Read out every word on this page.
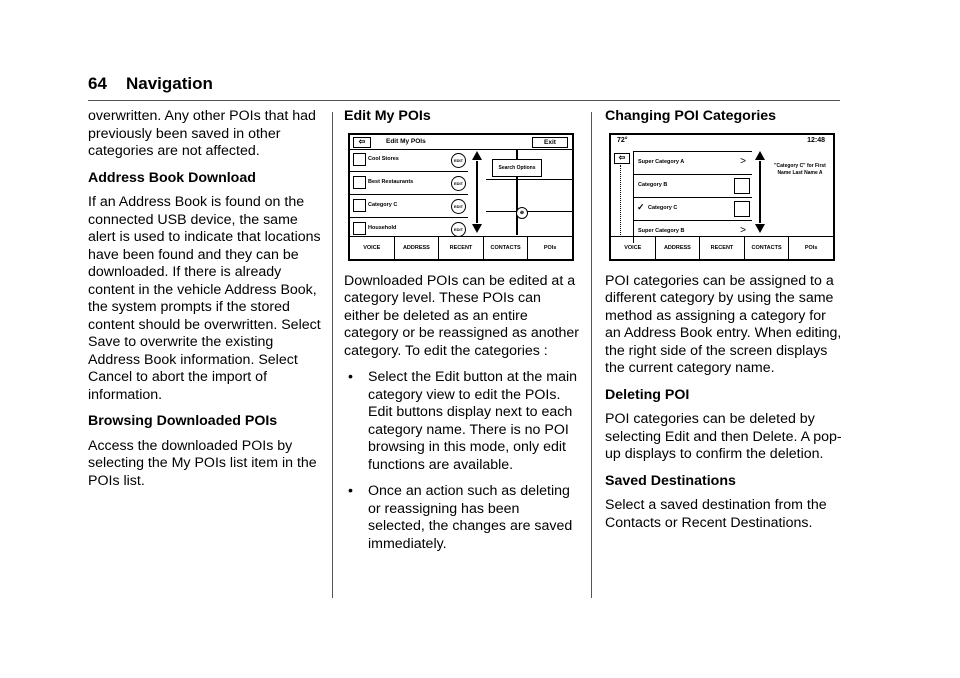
64 Navigation

overwritten. Any other POIs that had previously been saved in other categories are not affected.

Address Book Download

If an Address Book is found on the connected USB device, the same alert is used to indicate that locations have been found and they can be downloaded. If there is already content in the vehicle Address Book, the system prompts if the stored content should be overwritten. Select Save to overwrite the existing Address Book information. Select Cancel to abort the import of information.

Browsing Downloaded POIs

Access the downloaded POIs by selecting the My POIs list item in the POIs list.

Edit My POIs
⇦	Edit My POIs	Exit
Cool Stores	EDIT
Best Restaurants	EDIT
Category C	EDIT
Household	EDIT
Search Options
⊕
VOICE	ADDRESS	RECENT	CONTACTS	POIs

Downloaded POIs can be edited at a category level. These POIs can either be deleted as an entire category or be reassigned as another category. To edit the categories :

•	Select the Edit button at the main category view to edit the POIs. Edit buttons display next to each category name. There is no POI browsing in this mode, only edit functions are available.
•	Once an action such as deleting or reassigning has been selected, the changes are saved immediately.
Changing POI Categories
72°	12:48
⇦	Super Category A	>
Category B
Category C
✓
Super Category B	>
"Category C" for First Name Last Name A
VOICE	ADDRESS	RECENT	CONTACTS	POIs

POI categories can be assigned to a different category by using the same method as assigning a category for an Address Book entry. When editing, the right side of the screen displays the current category name.

Deleting POI

POI categories can be deleted by selecting Edit and then Delete. A pop-up displays to confirm the deletion.

Saved Destinations

Select a saved destination from the Contacts or Recent Destinations.
